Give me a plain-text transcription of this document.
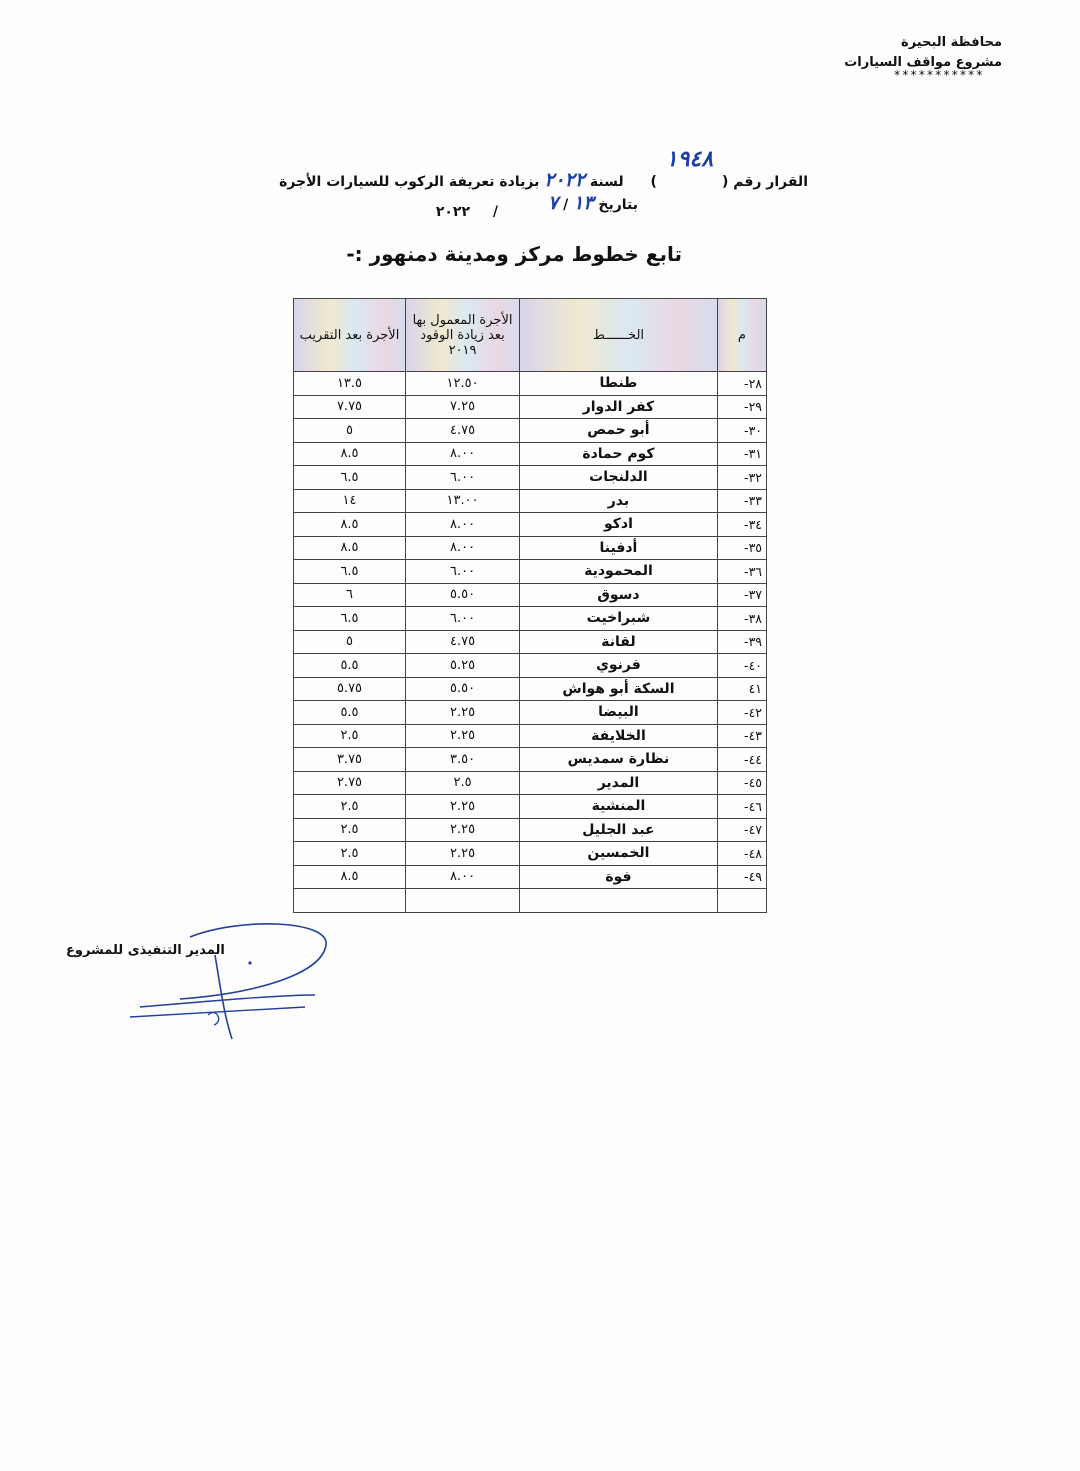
محافظة البحيرة
مشروع مواقف السيارات
***********
القرار رقم ( ١٩٤٨ ) لسنة ٢٠٢٢ بزيادة تعريفة الركوب للسيارات الأجرة
بتاريخ ١٣ / ٧
/ ٢٠٢٢
تابع خطوط مركز ومدينة دمنهور :-
م	الخــــــط	الأجرة المعمول بها بعد زيادة الوقود ٢٠١٩	الأجرة بعد التقريب
٢٨-	طنطا	١٢.٥٠	١٣.٥
٢٩-	كفر الدوار	٧.٢٥	٧.٧٥
٣٠-	أبو حمص	٤.٧٥	٥
٣١-	كوم حمادة	٨.٠٠	٨.٥
٣٢-	الدلنجات	٦.٠٠	٦.٥
٣٣-	بدر	١٣.٠٠	١٤
٣٤-	ادكو	٨.٠٠	٨.٥
٣٥-	أدفينا	٨.٠٠	٨.٥
٣٦-	المحمودية	٦.٠٠	٦.٥
٣٧-	دسوق	٥.٥٠	٦
٣٨-	شبراخيت	٦.٠٠	٦.٥
٣٩-	لقانة	٤.٧٥	٥
٤٠-	فرنوي	٥.٢٥	٥.٥
٤١	السكة أبو هواش	٥.٥٠	٥.٧٥
٤٢-	البيضا	٢.٢٥	٥.٥
٤٣-	الخلايفة	٢.٢٥	٢.٥
٤٤-	نظارة سمديس	٣.٥٠	٣.٧٥
٤٥-	المدير	٢.٥	٢.٧٥
٤٦-	المنشية	٢.٢٥	٢.٥
٤٧-	عبد الجليل	٢.٢٥	٢.٥
٤٨-	الخمسين	٢.٢٥	٢.٥
٤٩-	فوة	٨.٠٠	٨.٥

المدير التنفيذى للمشروع
